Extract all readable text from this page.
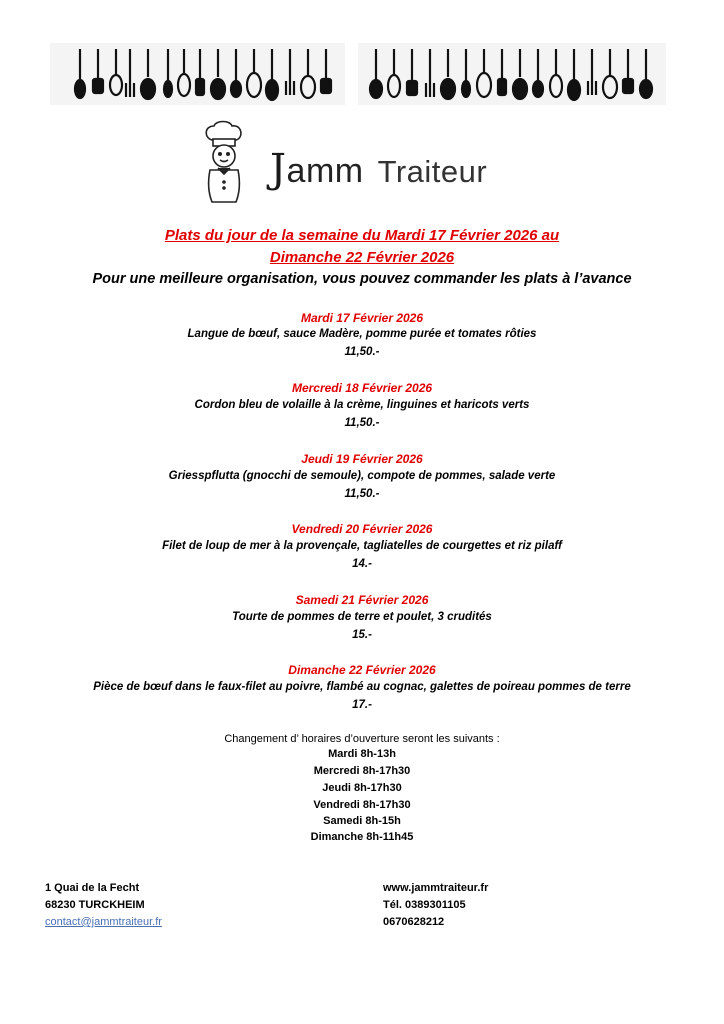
Jamm Traiteur
Plats du jour de la semaine du Mardi 17 Février 2026 au
Dimanche 22 Février 2026
Pour une meilleure organisation, vous pouvez commander les plats à l’avance
Mardi 17 Février 2026
Langue de bœuf, sauce Madère, pomme purée et tomates rôties
11,50.-
Mercredi 18 Février 2026
Cordon bleu de volaille à la crème, linguines et haricots verts
11,50.-
Jeudi 19 Février 2026
Griesspflutta (gnocchi de semoule), compote de pommes, salade verte
11,50.-
Vendredi 20 Février 2026
Filet de loup de mer à la provençale, tagliatelles de courgettes et riz pilaff
14.-
Samedi 21 Février 2026
Tourte de pommes de terre et poulet, 3 crudités
15.-
Dimanche 22 Février 2026
Pièce de bœuf dans le faux-filet au poivre, flambé au cognac, galettes de poireau pommes de terre
17.-
Changement d’ horaires d’ouverture seront les suivants :
Mardi 8h-13h
Mercredi 8h-17h30
Jeudi 8h-17h30
Vendredi 8h-17h30
Samedi 8h-15h
Dimanche 8h-11h45
1 Quai de la Fecht
68230 TURCKHEIM
contact@jammtraiteur.fr
www.jammtraiteur.fr
Tél. 0389301105
0670628212
